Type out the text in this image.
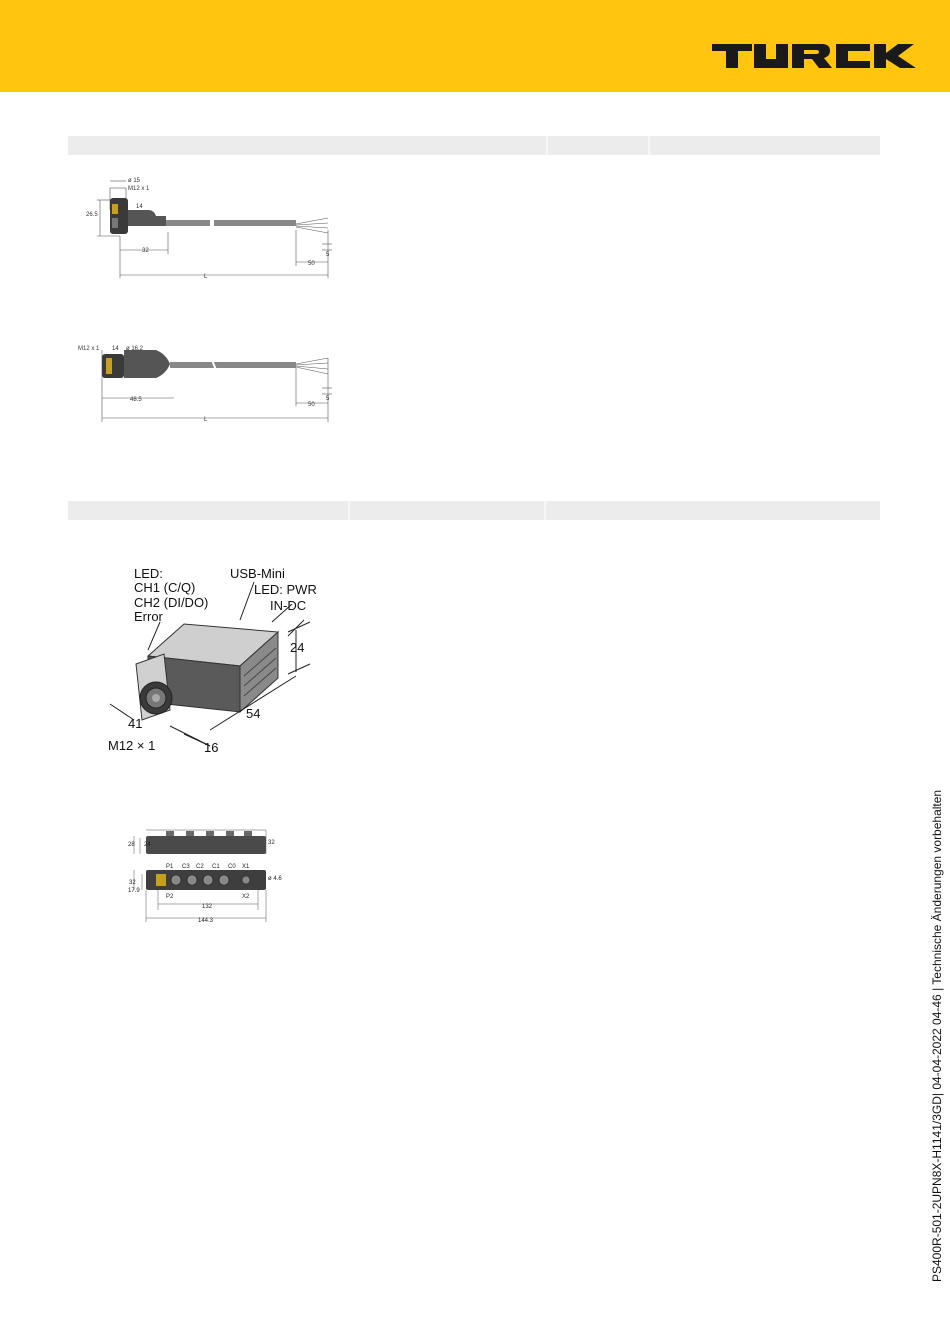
ø 15
M12 x 1
14
26.5
32
5
50
L
M12 x 1 14 ø 16.2
48.5	5
50
L
LED:
CH1 (C/Q)
CH2 (DI/DO)
Error
USB-Mini
LED: PWR
IN-DC
24
54
41
16
M12 × 1
28 24	32
32
17.9
ø 4.6
132
144.3
P1 C3 C2 C1 C0 X1
P2	X2	PS400R-501-2UPN8X-H1141/3GD| 04-04-2022 04-46 | Technische Änderungen vorbehalten
